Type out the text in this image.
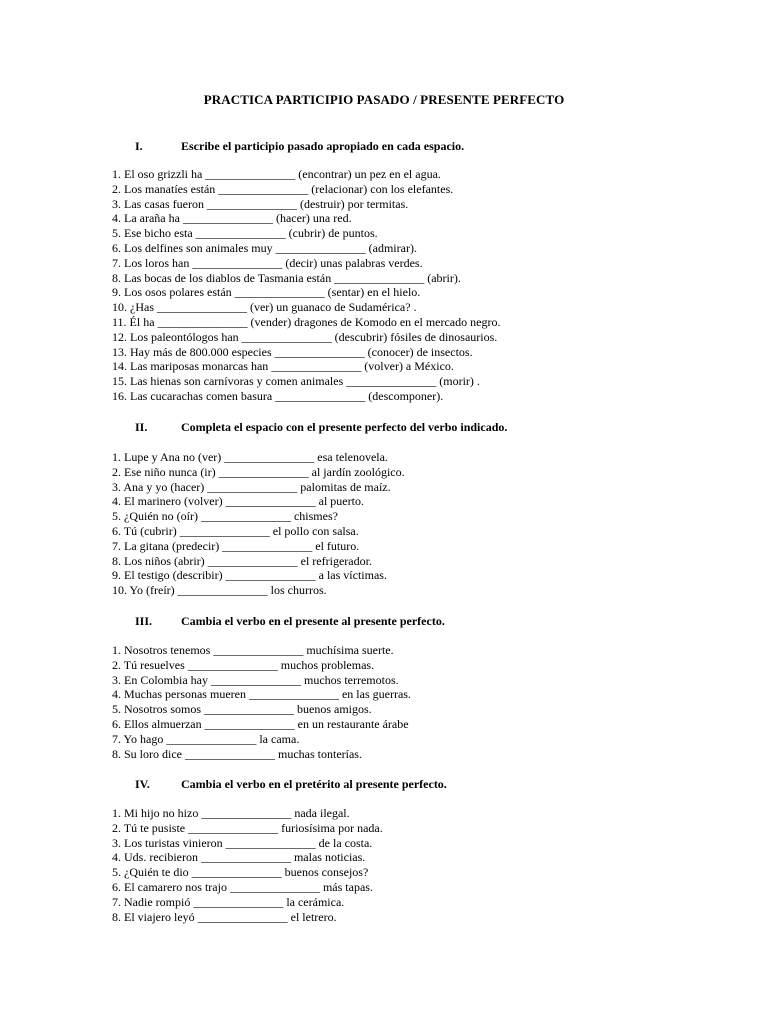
PRACTICA PARTICIPIO PASADO / PRESENTE PERFECTO
I.	Escribe el participio pasado apropiado en cada espacio.
1. El oso grizzli ha _______________ (encontrar) un pez en el agua.
2. Los manatíes están _______________ (relacionar) con los elefantes.
3. Las casas fueron _______________ (destruir) por termitas.
4. La araña ha _______________ (hacer) una red.
5. Ese bicho esta _______________ (cubrir) de puntos.
6. Los delfines son animales muy _______________ (admirar).
7. Los loros han _______________ (decir) unas palabras verdes.
8. Las bocas de los diablos de Tasmania están _______________ (abrir).
9. Los osos polares están _______________ (sentar) en el hielo.
10. ¿Has _______________ (ver) un guanaco de Sudamérica? .
11. Él ha _______________ (vender) dragones de Komodo en el mercado negro.
12. Los paleontólogos han _______________ (descubrir) fósiles de dinosaurios.
13. Hay más de 800.000 especies _______________ (conocer) de insectos.
14. Las mariposas monarcas han _______________ (volver) a México.
15. Las hienas son carnívoras y comen animales _______________ (morir) .
16. Las cucarachas comen basura _______________ (descomponer).
II.	Completa el espacio con el presente perfecto del verbo indicado.
1. Lupe y Ana no (ver) _______________ esa telenovela.
2. Ese niño nunca (ir) _______________ al jardín zoológico.
3. Ana y yo (hacer) _______________ palomitas de maíz.
4. El marinero (volver) _______________ al puerto.
5. ¿Quién no (oír) _______________ chismes?
6. Tú (cubrir) _______________ el pollo con salsa.
7. La gitana (predecir) _______________ el futuro.
8. Los niños (abrir) _______________ el refrigerador.
9. El testigo (describir) _______________ a las víctimas.
10. Yo (freír) _______________ los churros.
III.	Cambia el verbo en el presente al presente perfecto.
1. Nosotros tenemos _______________ muchísima suerte.
2. Tú resuelves _______________ muchos problemas.
3. En Colombia hay _______________ muchos terremotos.
4. Muchas personas mueren _______________ en las guerras.
5. Nosotros somos _______________ buenos amigos.
6. Ellos almuerzan _______________ en un restaurante árabe
7. Yo hago _______________ la cama.
8. Su loro dice _______________ muchas tonterías.
IV.	Cambia el verbo en el pretérito al presente perfecto.
1. Mi hijo no hizo _______________ nada ilegal.
2. Tú te pusiste _______________ furiosísima por nada.
3. Los turistas vinieron _______________ de la costa.
4. Uds. recibieron _______________ malas noticias.
5. ¿Quién te dio _______________ buenos consejos?
6. El camarero nos trajo _______________ más tapas.
7. Nadie rompió _______________ la cerámica.
8. El viajero leyó _______________ el letrero.
